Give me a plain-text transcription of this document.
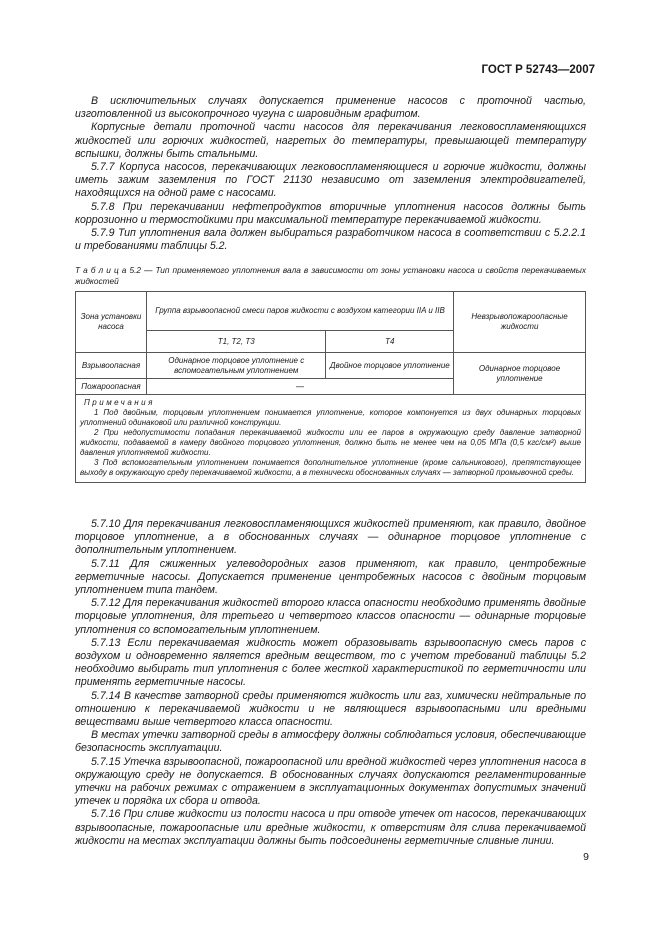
ГОСТ Р 52743—2007

В исключительных случаях допускается применение насосов с проточной частью, изготовленной из высокопрочного чугуна с шаровидным графитом.

Корпусные детали проточной части насосов для перекачивания легковоспламеняющихся жидкостей или горючих жидкостей, нагретых до температуры, превышающей температуру вспышки, должны быть стальными.

5.7.7 Корпуса насосов, перекачивающих легковоспламеняющиеся и горючие жидкости, должны иметь зажим заземления по ГОСТ 21130 независимо от заземления электродвигателей, находящихся на одной раме с насосами.

5.7.8 При перекачивании нефтепродуктов вторичные уплотнения насосов должны быть коррозионно и термостойкими при максимальной температуре перекачиваемой жидкости.

5.7.9 Тип уплотнения вала должен выбираться разработчиком насоса в соответствии с 5.2.2.1 и требованиями таблицы 5.2.

Т а б л и ц а 5.2 — Тип применяемого уплотнения вала в зависимости от зоны установки насоса и свойств перекачиваемых жидкостей
Зона установки насоса	Группа взрывоопасной смеси паров жидкости с воздухом категории IIA и IIB		Невзрывопожароопасные жидкости
	Т1, Т2, Т3	Т4	
Взрывоопасная	Одинарное торцовое уплотнение с вспомогательным уплотнением	Двойное торцовое уплотнение	Одинарное торцовое уплотнение
Пожароопасная	—		

Примечания
1 Под двойным, торцовым уплотнением понимается уплотнение, которое компонуется из двух одинарных торцовых уплотнений одинаковой или различной конструкции.
2 При недопустимости попадания перекачиваемой жидкости или ее паров в окружающую среду давление затворной жидкости, подаваемой в камеру двойного торцового уплотнения, должно быть не менее чем на 0,05 МПа (0,5 кгс/см²) выше давления уплотняемой жидкости.
3 Под вспомогательным уплотнением понимается дополнительное уплотнение (кроме сальникового), препятствующее выходу в окружающую среду перекачиваемой жидкости, а в технически обоснованных случаях — затворной промывочной среды.			

5.7.10 Для перекачивания легковоспламеняющихся жидкостей применяют, как правило, двойное торцовое уплотнение, а в обоснованных случаях — одинарное торцовое уплотнение с дополнительным уплотнением.

5.7.11 Для сжиженных углеводородных газов применяют, как правило, центробежные герметичные насосы. Допускается применение центробежных насосов с двойным торцовым уплотнением типа тандем.

5.7.12 Для перекачивания жидкостей второго класса опасности необходимо применять двойные торцовые уплотнения, для третьего и четвертого классов опасности — одинарные торцовые уплотнения со вспомогательным уплотнением.

5.7.13 Если перекачиваемая жидкость может образовывать взрывоопасную смесь паров с воздухом и одновременно является вредным веществом, то с учетом требований таблицы 5.2 необходимо выбирать тип уплотнения с более жесткой характеристикой по герметичности или применять герметичные насосы.

5.7.14 В качестве затворной среды применяются жидкость или газ, химически нейтральные по отношению к перекачиваемой жидкости и не являющиеся взрывоопасными или вредными веществами выше четвертого класса опасности.

В местах утечки затворной среды в атмосферу должны соблюдаться условия, обеспечивающие безопасность эксплуатации.

5.7.15 Утечка взрывоопасной, пожароопасной или вредной жидкостей через уплотнения насоса в окружающую среду не допускается. В обоснованных случаях допускаются регламентированные утечки на рабочих режимах с отражением в эксплуатационных документах допустимых значений утечек и порядка их сбора и отвода.

5.7.16 При сливе жидкости из полости насоса и при отводе утечек от насосов, перекачивающих взрывоопасные, пожароопасные или вредные жидкости, к отверстиям для слива перекачиваемой жидкости на местах эксплуатации должны быть подсоединены герметичные сливные линии.

9
